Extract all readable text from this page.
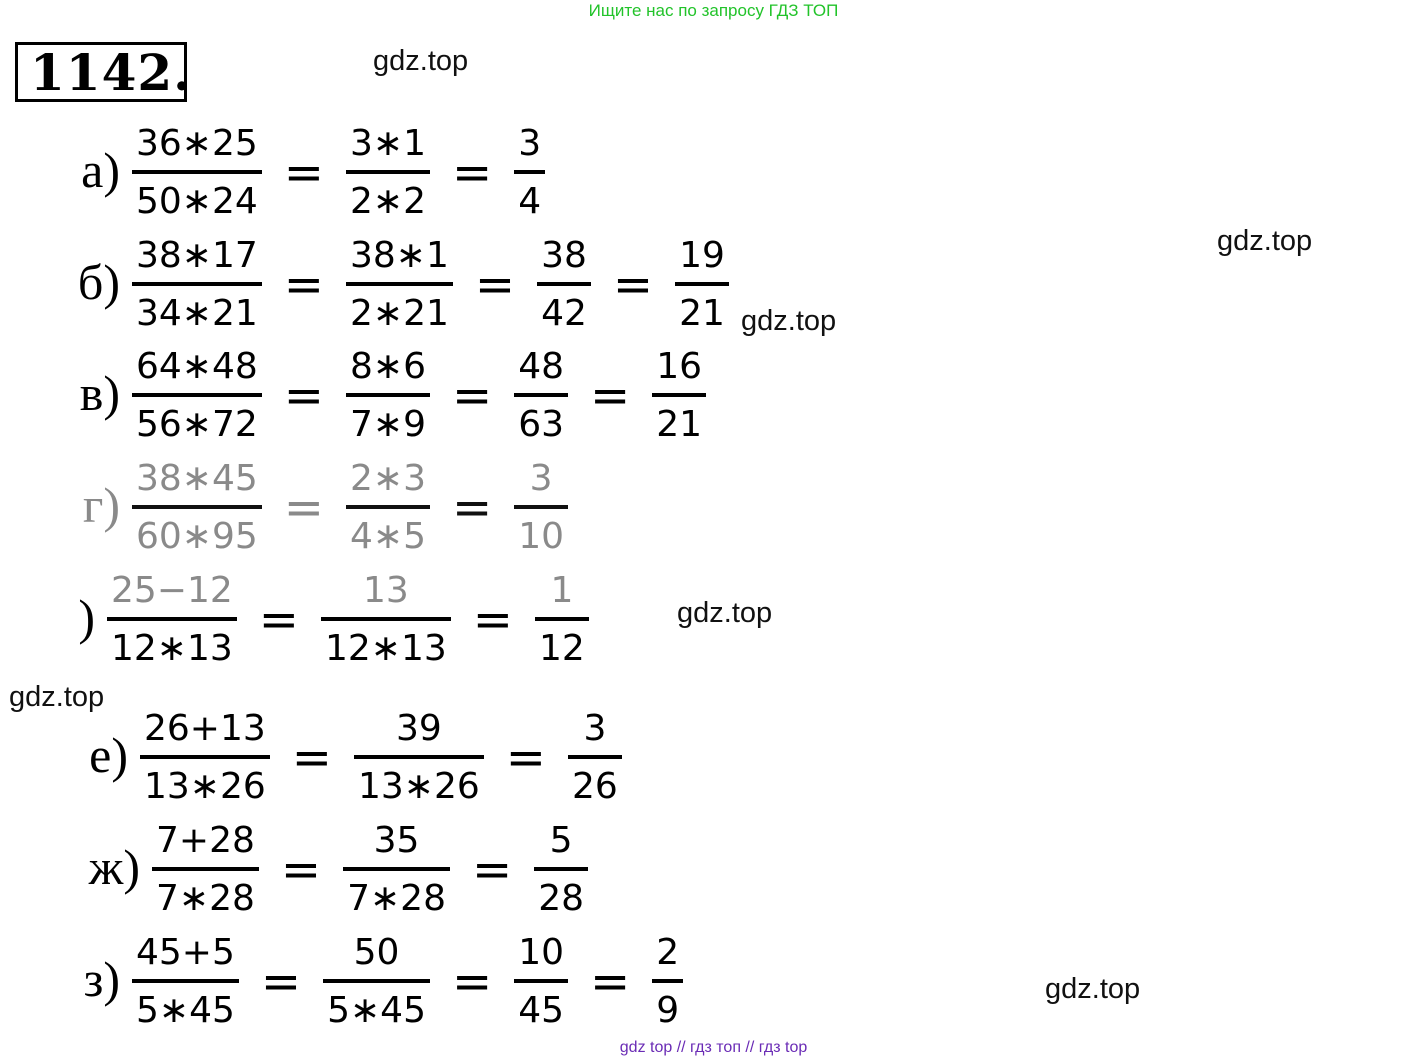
Ищите нас по запросу ГДЗ ТОП
1142.	gdz.top
gdz.top
gdz.top
gdz.top
gdz.top
gdz.top
$а) \frac{36∗25}{50∗24} = \frac{3∗1}{2∗2} = \frac{3}{4}$
$б) \frac{38∗17}{34∗21} = \frac{38∗1}{2∗21} = \frac{38}{42} = \frac{19}{21}$
$в) \frac{64∗48}{56∗72} = \frac{8∗6}{7∗9} = \frac{48}{63} = \frac{16}{21}$
$г) \frac{38∗45}{60∗95} = \frac{2∗3}{4∗5} = \frac{3}{10}$
) $\frac{25-12}{12∗13} = \frac{13}{12∗13} = \frac{1}{12}$
$е) \frac{26+13}{13∗26} = \frac{39}{13∗26} = \frac{3}{26}$
$ж) \frac{7+28}{7∗28} = \frac{35}{7∗28} = \frac{5}{28}$
$з) \frac{45+5}{5∗45} = \frac{50}{5∗45} = \frac{10}{45} = \frac{2}{9}$
gdz top // гдз топ // гдз top
